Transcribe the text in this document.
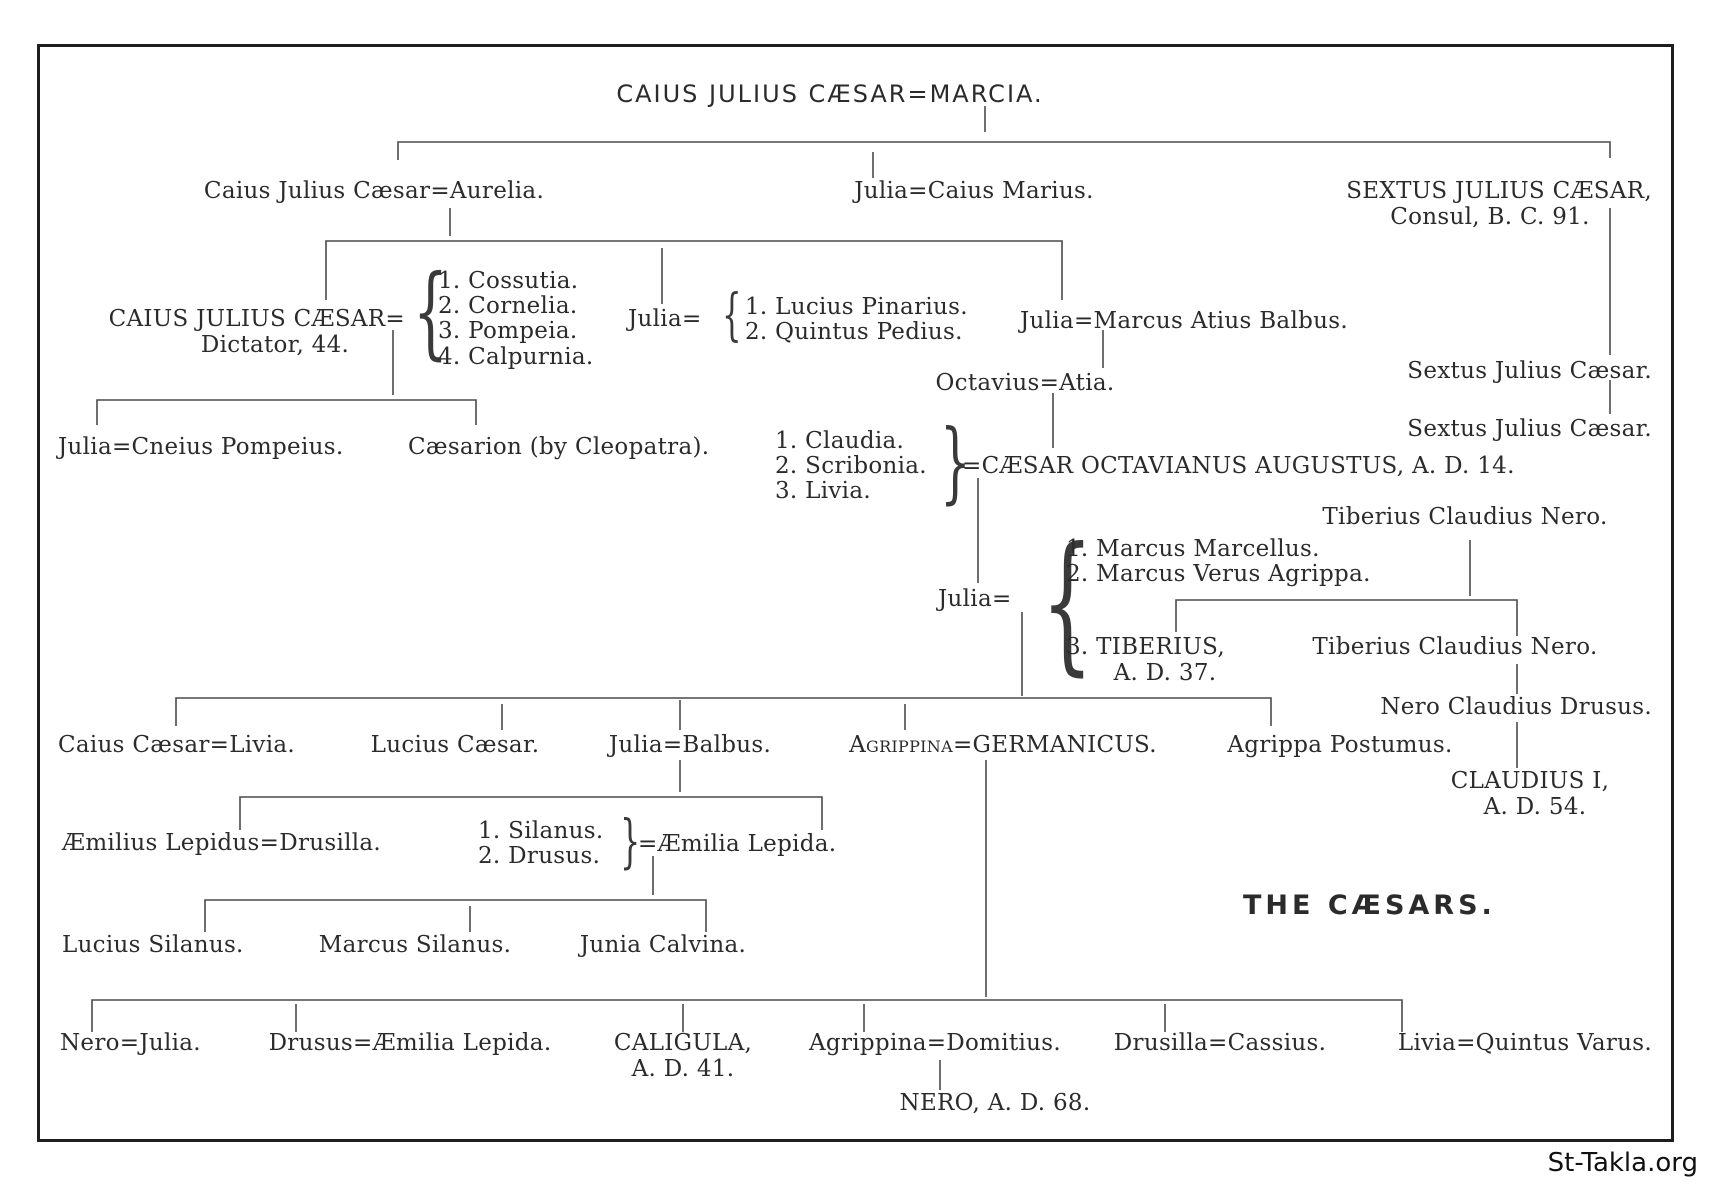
CAIUS JULIUS CÆSAR=MARCIA.
Caius Julius Cæsar=Aurelia.	Julia=Caius Marius.	SEXTUS JULIUS CÆSAR,
Consul, B. C. 91.
CAIUS JULIUS CÆSAR=
Dictator, 44. {
1. Cossutia.
2. Cornelia.
3. Pompeia.
4. Calpurnia.
Julia= { 1. Lucius Pinarius.
2. Quintus Pedius. Julia=Marcus Atius Balbus.
Octavius=Atia.	Sextus Julius Cæsar.
Sextus Julius Cæsar.
Julia=Cneius Pompeius.	Cæsarion (by Cleopatra).	1. Claudia.
2. Scribonia.
3. Livia. }
=CÆSAR OCTAVIANUS AUGUSTUS, A. D. 14.
Tiberius Claudius Nero.
Julia= {
1. Marcus Marcellus.
2. Marcus Verus Agrippa.
3. TIBERIUS,
A. D. 37.
Tiberius Claudius Nero.
Nero Claudius Drusus.
Caius Cæsar=Livia.	Lucius Cæsar.	Julia=Balbus.	Agrippina=GERMANICUS.	Agrippa Postumus.
CLAUDIUS I,
A. D. 54.
Æmilius Lepidus=Drusilla.	1. Silanus.
2. Drusus. }
=Æmilia Lepida.
Lucius Silanus.	Marcus Silanus.	Junia Calvina.
THE CÆSARS.
Nero=Julia.	Drusus=Æmilia Lepida.	CALIGULA,
A. D. 41.
Agrippina=Domitius. Drusilla=Cassius.	Livia=Quintus Varus.
NERO, A. D. 68.
St-Takla.org
